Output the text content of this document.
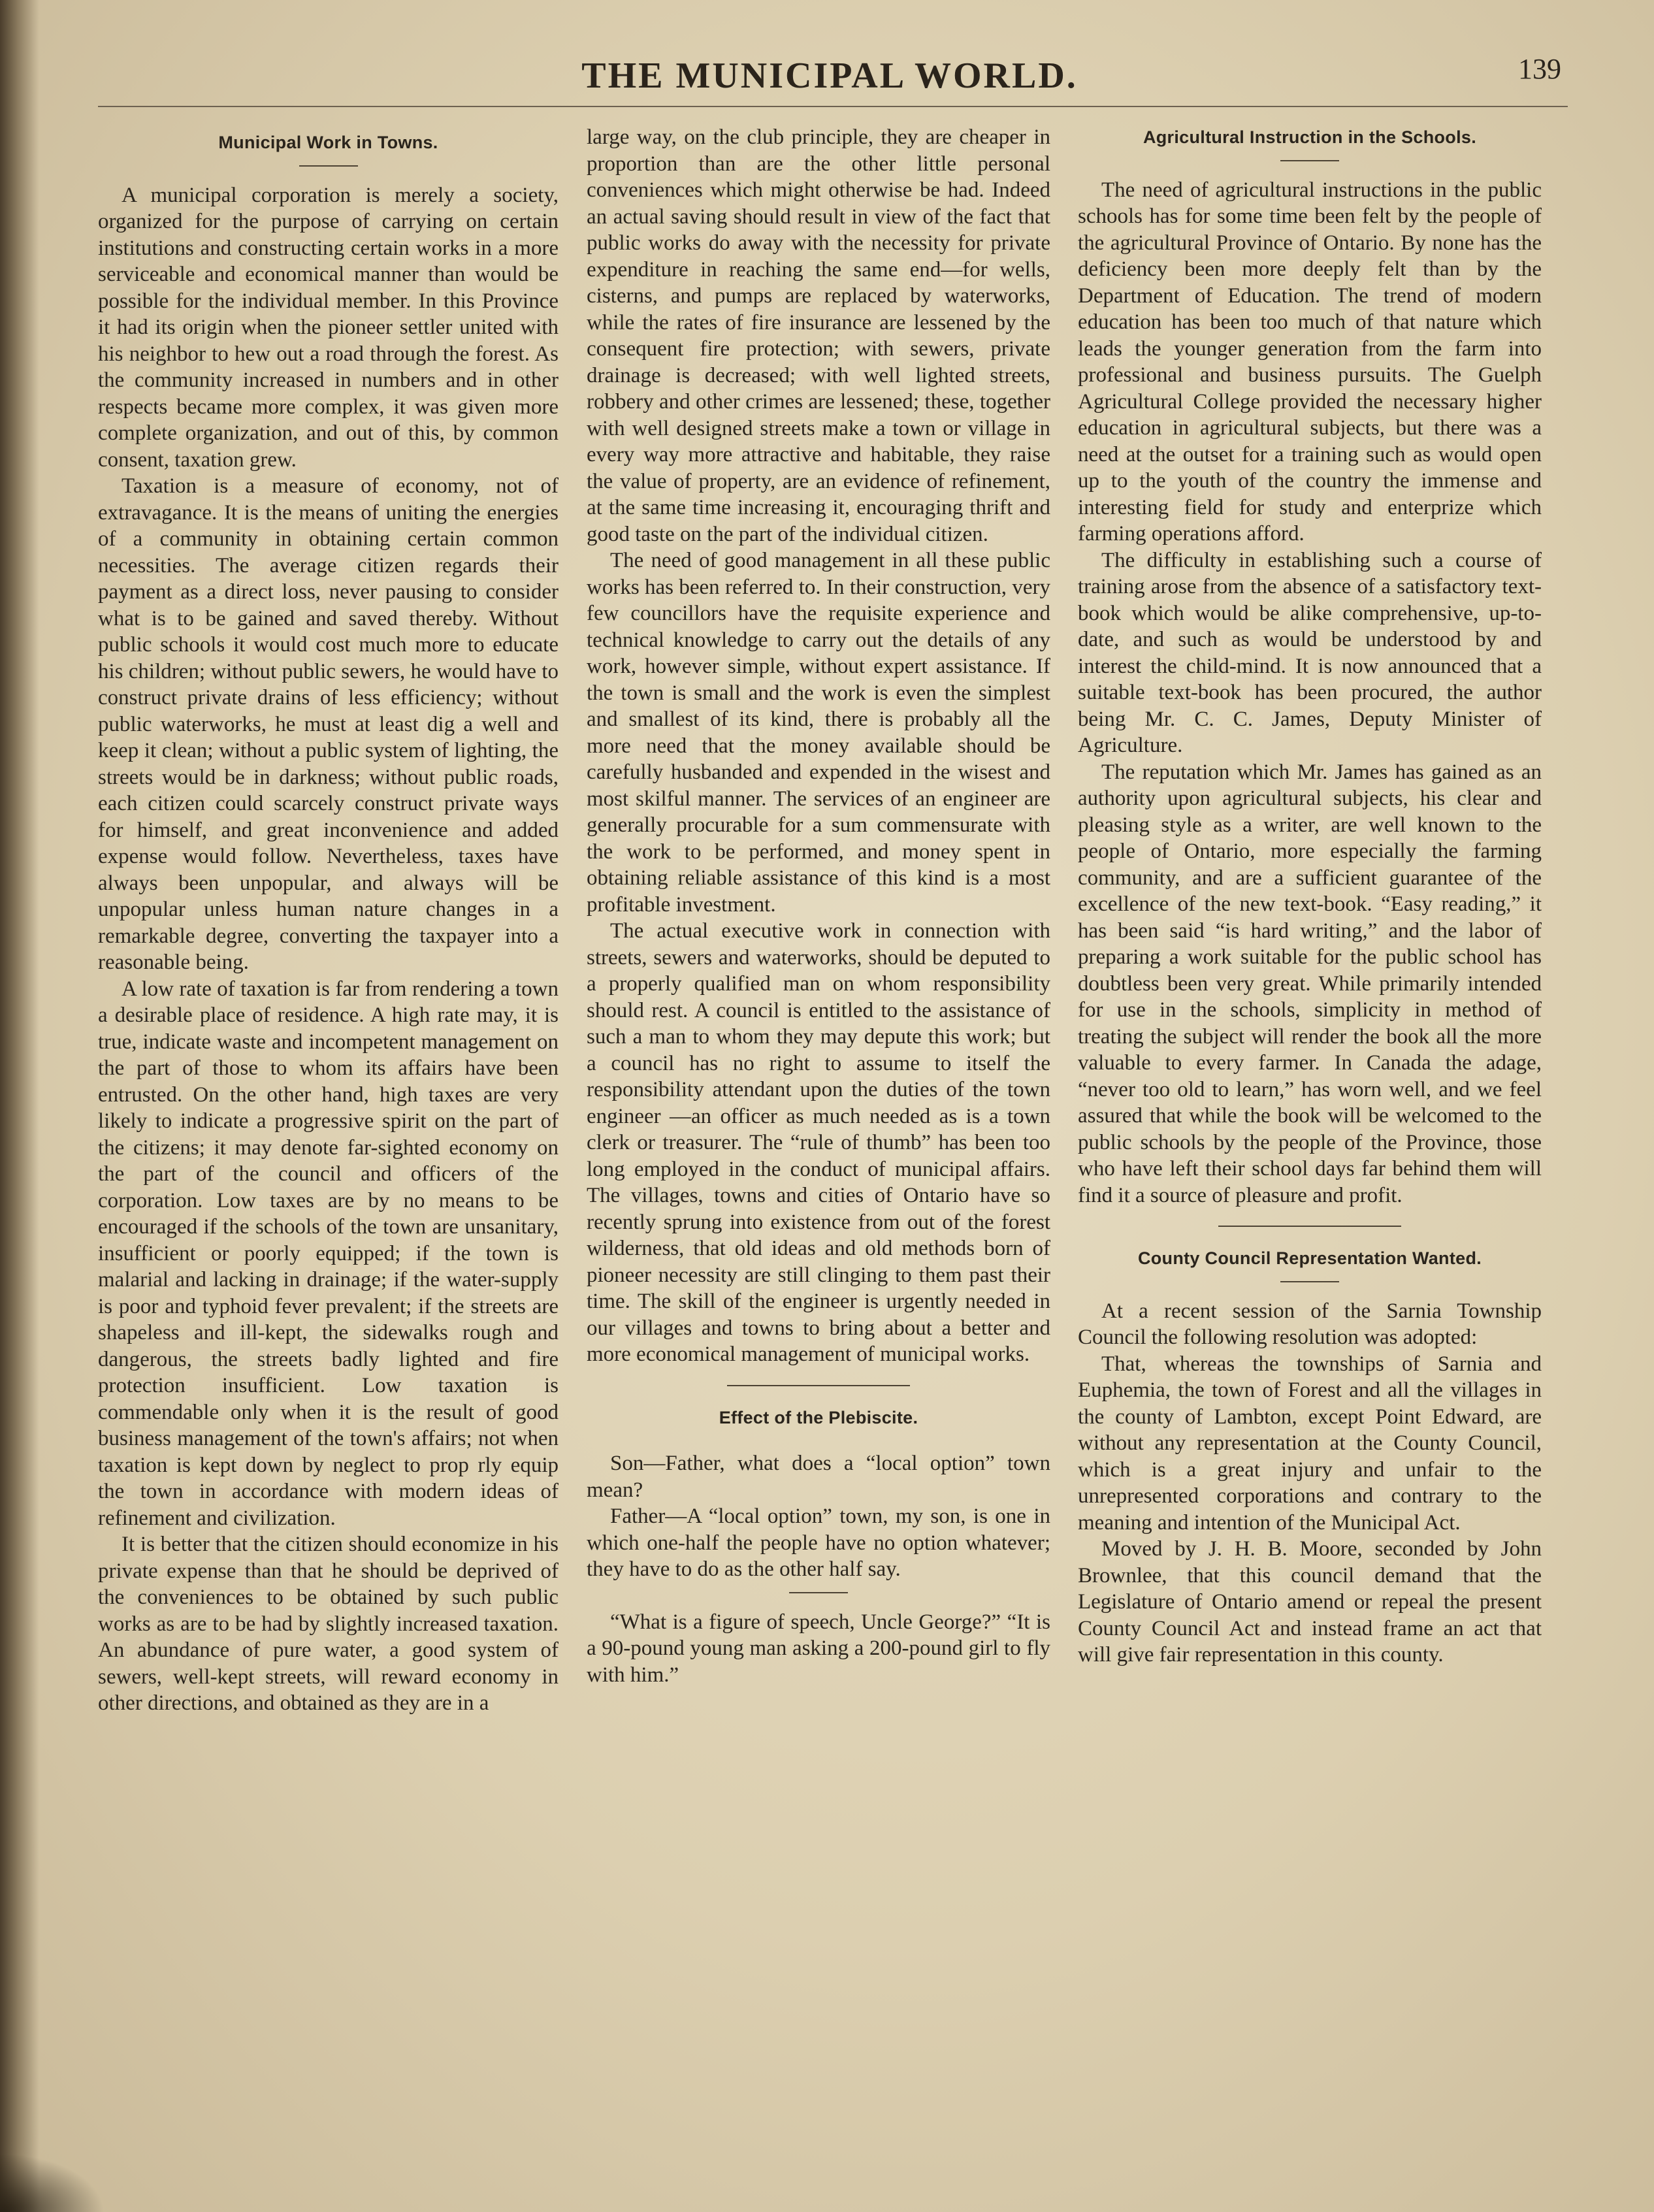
THE MUNICIPAL WORLD.	139
Municipal Work in Towns.

A municipal corporation is merely a society, organized for the purpose of carrying on certain institutions and constructing certain works in a more serviceable and economical manner than would be possible for the individual member. In this Province it had its origin when the pioneer settler united with his neighbor to hew out a road through the forest. As the community increased in numbers and in other respects became more complex, it was given more complete organization, and out of this, by common consent, taxation grew.

Taxation is a measure of economy, not of extravagance. It is the means of uniting the energies of a community in obtaining certain common necessities. The average citizen regards their payment as a direct loss, never pausing to consider what is to be gained and saved thereby. Without public schools it would cost much more to educate his children; without public sewers, he would have to construct private drains of less efficiency; without public waterworks, he must at least dig a well and keep it clean; without a public system of lighting, the streets would be in darkness; without public roads, each citizen could scarcely construct private ways for himself, and great inconvenience and added expense would follow. Nevertheless, taxes have always been unpopular, and always will be unpopular unless human nature changes in a remarkable degree, converting the taxpayer into a reasonable being.

A low rate of taxation is far from rendering a town a desirable place of residence. A high rate may, it is true, indicate waste and incompetent management on the part of those to whom its affairs have been entrusted. On the other hand, high taxes are very likely to indicate a progressive spirit on the part of the citizens; it may denote far-sighted economy on the part of the council and officers of the corporation. Low taxes are by no means to be encouraged if the schools of the town are unsanitary, insufficient or poorly equipped; if the town is malarial and lacking in drainage; if the water-supply is poor and typhoid fever prevalent; if the streets are shapeless and ill-kept, the sidewalks rough and dangerous, the streets badly lighted and fire protection insufficient. Low taxation is commendable only when it is the result of good business management of the town's affairs; not when taxation is kept down by neglect to prop rly equip the town in accordance with modern ideas of refinement and civilization.

It is better that the citizen should economize in his private expense than that he should be deprived of the conveniences to be obtained by such public works as are to be had by slightly increased taxation. An abundance of pure water, a good system of sewers, well-kept streets, will reward economy in other directions, and obtained as they are in a

large way, on the club principle, they are cheaper in proportion than are the other little personal conveniences which might otherwise be had. Indeed an actual saving should result in view of the fact that public works do away with the necessity for private expenditure in reaching the same end—for wells, cisterns, and pumps are replaced by waterworks, while the rates of fire insurance are lessened by the consequent fire protection; with sewers, private drainage is decreased; with well lighted streets, robbery and other crimes are lessened; these, together with well designed streets make a town or village in every way more attractive and habitable, they raise the value of property, are an evidence of refinement, at the same time increasing it, encouraging thrift and good taste on the part of the individual citizen.

The need of good management in all these public works has been referred to. In their construction, very few councillors have the requisite experience and technical knowledge to carry out the details of any work, however simple, without expert assistance. If the town is small and the work is even the simplest and smallest of its kind, there is probably all the more need that the money available should be carefully husbanded and expended in the wisest and most skilful manner. The services of an engineer are generally procurable for a sum commensurate with the work to be performed, and money spent in obtaining reliable assistance of this kind is a most profitable investment.

The actual executive work in connection with streets, sewers and waterworks, should be deputed to a properly qualified man on whom responsibility should rest. A council is entitled to the assistance of such a man to whom they may depute this work; but a council has no right to assume to itself the responsibility attendant upon the duties of the town engineer —an officer as much needed as is a town clerk or treasurer. The “rule of thumb” has been too long employed in the conduct of municipal affairs. The villages, towns and cities of Ontario have so recently sprung into existence from out of the forest wilderness, that old ideas and old methods born of pioneer necessity are still clinging to them past their time. The skill of the engineer is urgently needed in our villages and towns to bring about a better and more economical management of municipal works.

Effect of the Plebiscite.

Son—Father, what does a “local option” town mean?

Father—A “local option” town, my son, is one in which one-half the people have no option whatever; they have to do as the other half say.

“What is a figure of speech, Uncle George?” “It is a 90-pound young man asking a 200-pound girl to fly with him.”

Agricultural Instruction in the Schools.

The need of agricultural instructions in the public schools has for some time been felt by the people of the agricultural Province of Ontario. By none has the deficiency been more deeply felt than by the Department of Education. The trend of modern education has been too much of that nature which leads the younger generation from the farm into professional and business pursuits. The Guelph Agricultural College provided the necessary higher education in agricultural subjects, but there was a need at the outset for a training such as would open up to the youth of the country the immense and interesting field for study and enterprize which farming operations afford.

The difficulty in establishing such a course of training arose from the absence of a satisfactory text-book which would be alike comprehensive, up-to-date, and such as would be understood by and interest the child-mind. It is now announced that a suitable text-book has been procured, the author being Mr. C. C. James, Deputy Minister of Agriculture.

The reputation which Mr. James has gained as an authority upon agricultural subjects, his clear and pleasing style as a writer, are well known to the people of Ontario, more especially the farming community, and are a sufficient guarantee of the excellence of the new text-book. “Easy reading,” it has been said “is hard writing,” and the labor of preparing a work suitable for the public school has doubtless been very great. While primarily intended for use in the schools, simplicity in method of treating the subject will render the book all the more valuable to every farmer. In Canada the adage, “never too old to learn,” has worn well, and we feel assured that while the book will be welcomed to the public schools by the people of the Province, those who have left their school days far behind them will find it a source of pleasure and profit.

County Council Representation Wanted.

At a recent session of the Sarnia Township Council the following resolution was adopted:

That, whereas the townships of Sarnia and Euphemia, the town of Forest and all the villages in the county of Lambton, except Point Edward, are without any representation at the County Council, which is a great injury and unfair to the unrepresented corporations and contrary to the meaning and intention of the Municipal Act.

Moved by J. H. B. Moore, seconded by John Brownlee, that this council demand that the Legislature of Ontario amend or repeal the present County Council Act and instead frame an act that will give fair representation in this county.
